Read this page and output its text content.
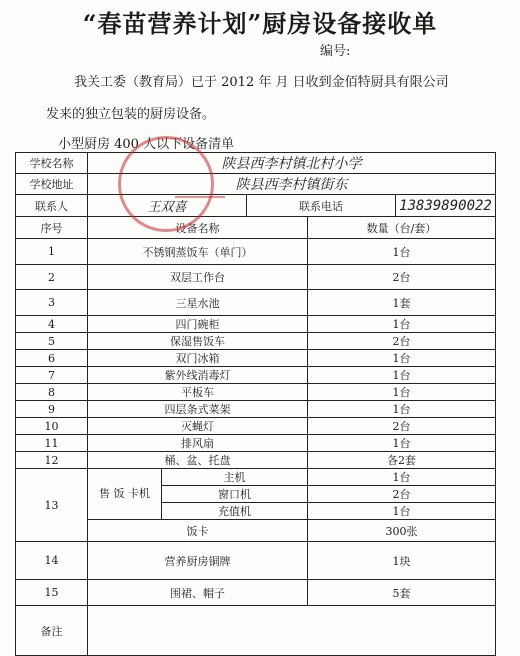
“春苗营养计划”厨房设备接收单
编号:
我关工委（教育局）已于 2012 年 月 日收到金佰特厨具有限公司
发来的独立包装的厨房设备。
小型厨房 400 人以下设备清单
学校名称	陕县西李村镇北村小学				
学校地址	陕县西李村镇街东				
联系人	王双喜		联系电话		13839890022
序号	设备名称			数量（台/套）	
1	不锈钢蒸饭车（单门）			1台	
2	双层工作台			2台	
3	三星水池			1套	
4	四门碗柜			1台	
5	保湿售饭车			2台	
6	双门冰箱			1台	
7	紫外线消毒灯			1台	
8	平板车			1台	
9	四层条式菜架			1台	
10	灭蝇灯			2台	
11	排风扇			1台	
12	桶、盆、托盘			各2套	
13	售 饭 卡机	主机		1台	
		窗口机		2台	
		充值机		1台	
	饭卡			300张	
14	营养厨房铜牌			1块	
15	围裙、帽子			5套	
备注					
